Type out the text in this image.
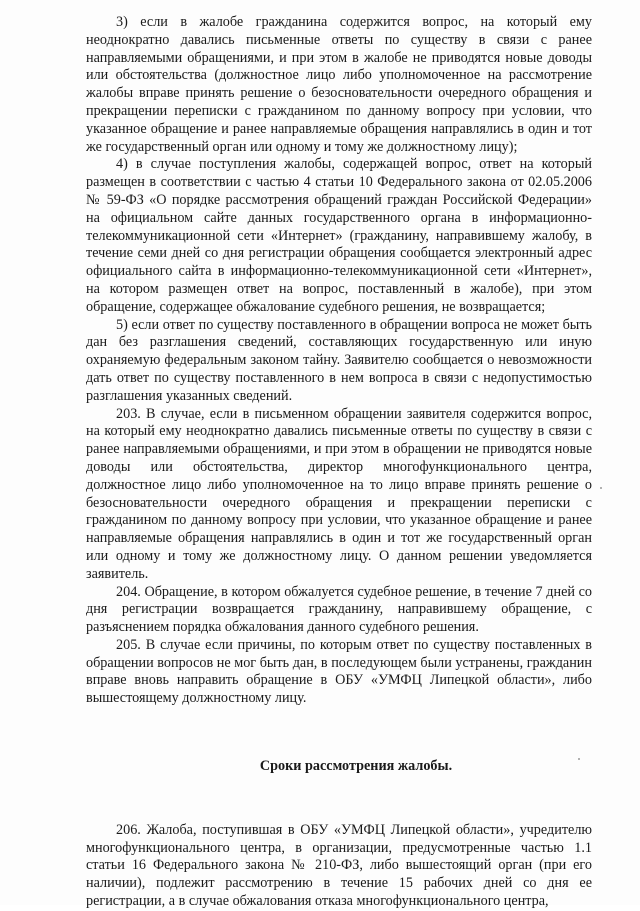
3) если в жалобе гражданина содержится вопрос, на который ему неоднократно давались письменные ответы по существу в связи с ранее направляемыми обращениями, и при этом в жалобе не приводятся новые доводы или обстоятельства (должностное лицо либо уполномоченное на рассмотрение жалобы вправе принять решение о безосновательности очередного обращения и прекращении переписки с гражданином по данному вопросу при условии, что указанное обращение и ранее направляемые обращения направлялись в один и тот же государственный орган или одному и тому же должностному лицу);

4) в случае поступления жалобы, содержащей вопрос, ответ на который размещен в соответствии с частью 4 статьи 10 Федерального закона от 02.05.2006 № 59-ФЗ «О порядке рассмотрения обращений граждан Российской Федерации» на официальном сайте данных государственного органа в информационно-телекоммуникационной сети «Интернет» (гражданину, направившему жалобу, в течение семи дней со дня регистрации обращения сообщается электронный адрес официального сайта в информационно-телекоммуникационной сети «Интернет», на котором размещен ответ на вопрос, поставленный в жалобе), при этом обращение, содержащее обжалование судебного решения, не возвращается;

5) если ответ по существу поставленного в обращении вопроса не может быть дан без разглашения сведений, составляющих государственную или иную охраняемую федеральным законом тайну. Заявителю сообщается о невозможности дать ответ по существу поставленного в нем вопроса в связи с недопустимостью разглашения указанных сведений.

203. В случае, если в письменном обращении заявителя содержится вопрос, на который ему неоднократно давались письменные ответы по существу в связи с ранее направляемыми обращениями, и при этом в обращении не приводятся новые доводы или обстоятельства, директор многофункционального центра, должностное лицо либо уполномоченное на то лицо вправе принять решение о безосновательности очередного обращения и прекращении переписки с гражданином по данному вопросу при условии, что указанное обращение и ранее направляемые обращения направлялись в один и тот же государственный орган или одному и тому же должностному лицу. О данном решении уведомляется заявитель.

204. Обращение, в котором обжалуется судебное решение, в течение 7 дней со дня регистрации возвращается гражданину, направившему обращение, с разъяснением порядка обжалования данного судебного решения.

205. В случае если причины, по которым ответ по существу поставленных в обращении вопросов не мог быть дан, в последующем были устранены, гражданин вправе вновь направить обращение в ОБУ «УМФЦ Липецкой области», либо вышестоящему должностному лицу.

Сроки рассмотрения жалобы.

206. Жалоба, поступившая в ОБУ «УМФЦ Липецкой области», учредителю многофункционального центра, в организации, предусмотренные частью 1.1 статьи 16 Федерального закона № 210-ФЗ, либо вышестоящий орган (при его наличии), подлежит рассмотрению в течение 15 рабочих дней со дня ее регистрации, а в случае обжалования отказа многофункционального центра,
